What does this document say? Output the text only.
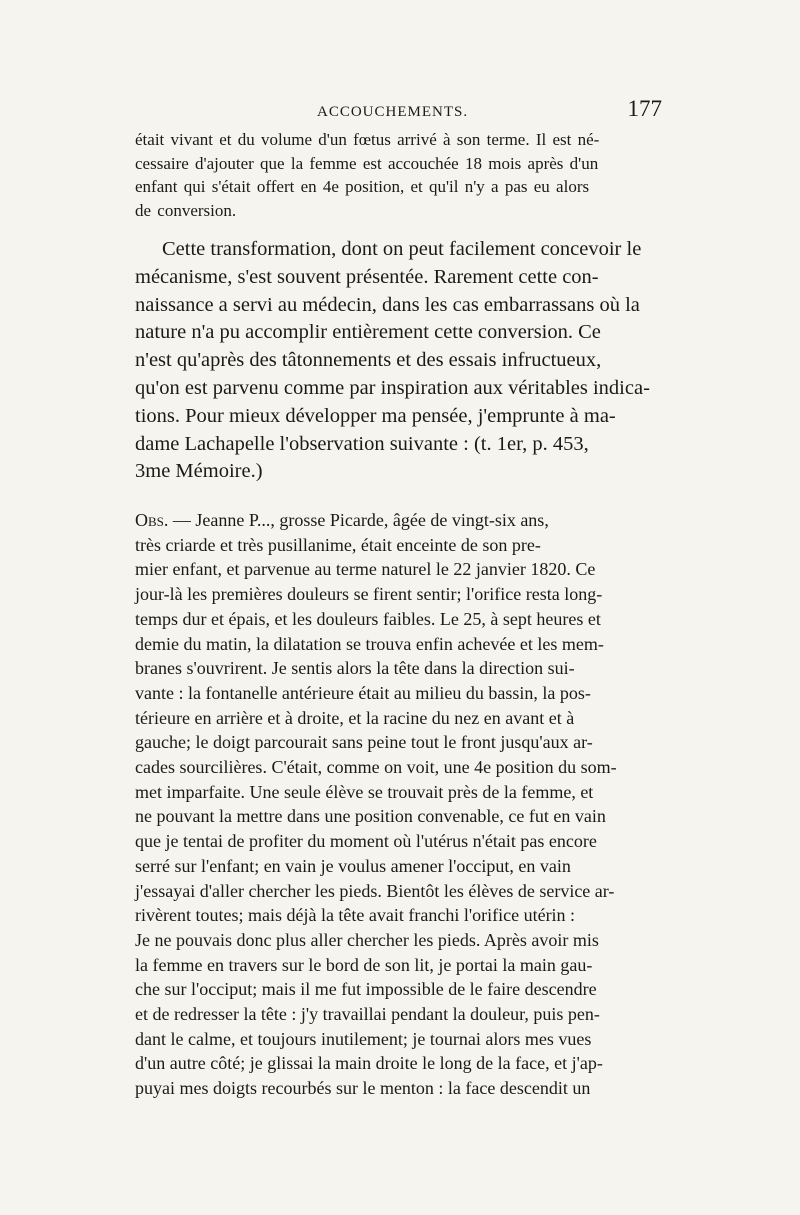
ACCOUCHEMENTS.	177

était vivant et du volume d'un fœtus arrivé à son terme. Il est né-
cessaire d'ajouter que la femme est accouchée 18 mois après d'un
enfant qui s'était offert en 4e position, et qu'il n'y a pas eu alors
de conversion.

Cette transformation, dont on peut facilement concevoir le
mécanisme, s'est souvent présentée. Rarement cette con-
naissance a servi au médecin, dans les cas embarrassans où la
nature n'a pu accomplir entièrement cette conversion. Ce
n'est qu'après des tâtonnements et des essais infructueux,
qu'on est parvenu comme par inspiration aux véritables indica-
tions. Pour mieux développer ma pensée, j'emprunte à ma-
dame Lachapelle l'observation suivante : (t. 1er, p. 453,
3me Mémoire.)

Obs. — Jeanne P..., grosse Picarde, âgée de vingt-six ans,
très criarde et très pusillanime, était enceinte de son pre-
mier enfant, et parvenue au terme naturel le 22 janvier 1820. Ce
jour-là les premières douleurs se firent sentir; l'orifice resta long-
temps dur et épais, et les douleurs faibles. Le 25, à sept heures et
demie du matin, la dilatation se trouva enfin achevée et les mem-
branes s'ouvrirent. Je sentis alors la tête dans la direction sui-
vante : la fontanelle antérieure était au milieu du bassin, la pos-
térieure en arrière et à droite, et la racine du nez en avant et à
gauche; le doigt parcourait sans peine tout le front jusqu'aux ar-
cades sourcilières. C'était, comme on voit, une 4e position du som-
met imparfaite. Une seule élève se trouvait près de la femme, et
ne pouvant la mettre dans une position convenable, ce fut en vain
que je tentai de profiter du moment où l'utérus n'était pas encore
serré sur l'enfant; en vain je voulus amener l'occiput, en vain
j'essayai d'aller chercher les pieds. Bientôt les élèves de service ar-
rivèrent toutes; mais déjà la tête avait franchi l'orifice utérin :
Je ne pouvais donc plus aller chercher les pieds. Après avoir mis
la femme en travers sur le bord de son lit, je portai la main gau-
che sur l'occiput; mais il me fut impossible de le faire descendre
et de redresser la tête : j'y travaillai pendant la douleur, puis pen-
dant le calme, et toujours inutilement; je tournai alors mes vues
d'un autre côté; je glissai la main droite le long de la face, et j'ap-
puyai mes doigts recourbés sur le menton : la face descendit un
